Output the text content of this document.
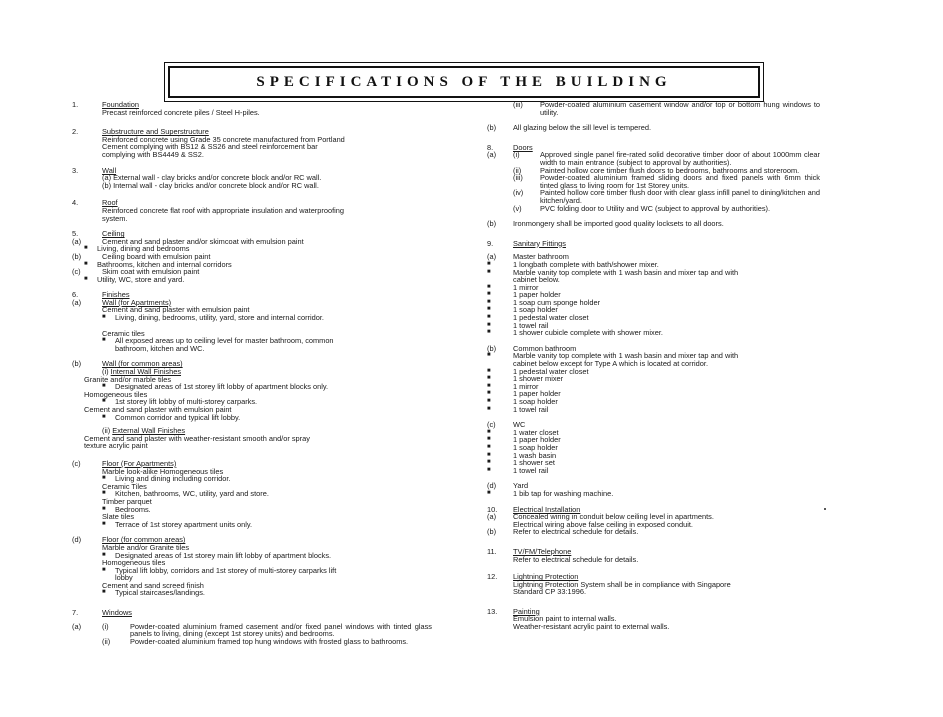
SPECIFICATIONS OF THE BUILDING
1.	Foundation
Precast reinforced concrete piles / Steel H-piles.
2.	Substructure and Superstructure
Reinforced concrete using Grade 35 concrete manufactured from Portland
Cement complying with BS12 & SS26 and steel reinforcement bar
complying with BS4449 & SS2.
3.	Wall
(a) External wall - clay bricks and/or concrete block and/or RC wall.
(b) Internal wall - clay bricks and/or concrete block and/or RC wall.
4.	Roof
Reinforced concrete flat roof with appropriate insulation and waterproofing
system.
5.	Ceiling
(a)	Cement and sand plaster and/or skimcoat with emulsion paint
■ Living, dining and bedrooms
(b)	Ceiling board with emulsion paint
■ Bathrooms, kitchen and internal corridors
(c)	Skim coat with emulsion paint
■ Utility, WC, store and yard.
6.	Finishes
(a)	Wall (for Apartments)
Cement and sand plaster with emulsion paint
■ Living, dining, bedrooms, utility, yard, store and internal corridor.
Ceramic tiles
■ All exposed areas up to ceiling level for master bathroom, common
bathroom, kitchen and WC.
(b)	Wall (for common areas)
(i) Internal Wall Finishes
Granite and/or marble tiles
■ Designated areas of 1st storey lift lobby of apartment blocks only.
Homogeneous tiles
■ 1st storey lift lobby of multi-storey carparks.
Cement and sand plaster with emulsion paint
■ Common corridor and typical lift lobby.
(ii) External Wall Finishes
Cement and sand plaster with weather-resistant smooth and/or spray
texture acrylic paint
(c)	Floor (For Apartments)
Marble look-alike Homogeneous tiles
■ Living and dining including corridor.
Ceramic Tiles
■ Kitchen, bathrooms, WC, utility, yard and store.
Timber parquet
■ Bedrooms.
Slate tiles
■ Terrace of 1st storey apartment units only.
(d)	Floor (for common areas)
Marble and/or Granite tiles
■ Designated areas of 1st storey main lift lobby of apartment blocks.
Homogeneous tiles
■ Typical lift lobby, corridors and 1st storey of multi-storey carparks lift
lobby
Cement and sand screed finish
■ Typical staircases/landings.
7.	Windows
(a)	(i)	Powder-coated aluminium framed casement and/or fixed panel windows with tinted glass panels to living, dining (except 1st storey units) and bedrooms.
(ii)	Powder-coated aluminium framed top hung windows with frosted glass to bathrooms.
(iii)	Powder-coated aluminium casement window and/or top or bottom hung windows to utility.
(b)	All glazing below the sill level is tempered.
8.	Doors
(a)	(i)	Approved single panel fire-rated solid decorative timber door of about 1000mm clear width to main entrance (subject to approval by authorities).
(ii)	Painted hollow core timber flush doors to bedrooms, bathrooms and storeroom.
(iii)	Powder-coated aluminium framed sliding doors and fixed panels with 6mm thick tinted glass to living room for 1st Storey units.
(iv)	Painted hollow core timber flush door with clear glass infill panel to dining/kitchen and kitchen/yard.
(v)	PVC folding door to Utility and WC (subject to approval by authorities).
(b)	Ironmongery shall be imported good quality locksets to all doors.
9.	Sanitary Fittings
(a)	Master bathroom
■	1 longbath complete with bath/shower mixer.
■	Marble vanity top complete with 1 wash basin and mixer tap and with
cabinet below.
■	1 mirror
■	1 paper holder
■	1 soap cum sponge holder
■	1 soap holder
■	1 pedestal water closet
■	1 towel rail
■	1 shower cubicle complete with shower mixer.
(b)	Common bathroom
■	Marble vanity top complete with 1 wash basin and mixer tap and with
cabinet below except for Type A which is located at corridor.
■	1 pedestal water closet
■	1 shower mixer
■	1 mirror
■	1 paper holder
■	1 soap holder
■	1 towel rail
(c)	WC
■	1 water closet
■	1 paper holder
■	1 soap holder
■	1 wash basin
■	1 shower set
■	1 towel rail
(d)	Yard
■	1 bib tap for washing machine.
10.	Electrical Installation
(a)	Concealed wiring in conduit below ceiling level in apartments.
Electrical wiring above false ceiling in exposed conduit.
(b)	Refer to electrical schedule for details.
11.	TV/FM/Telephone
Refer to electrical schedule for details.
12.	Lightning Protection
Lightning Protection System shall be in compliance with Singapore
Standard CP 33:1996.
13.	Painting
Emulsion paint to internal walls.
Weather-resistant acrylic paint to external walls.
